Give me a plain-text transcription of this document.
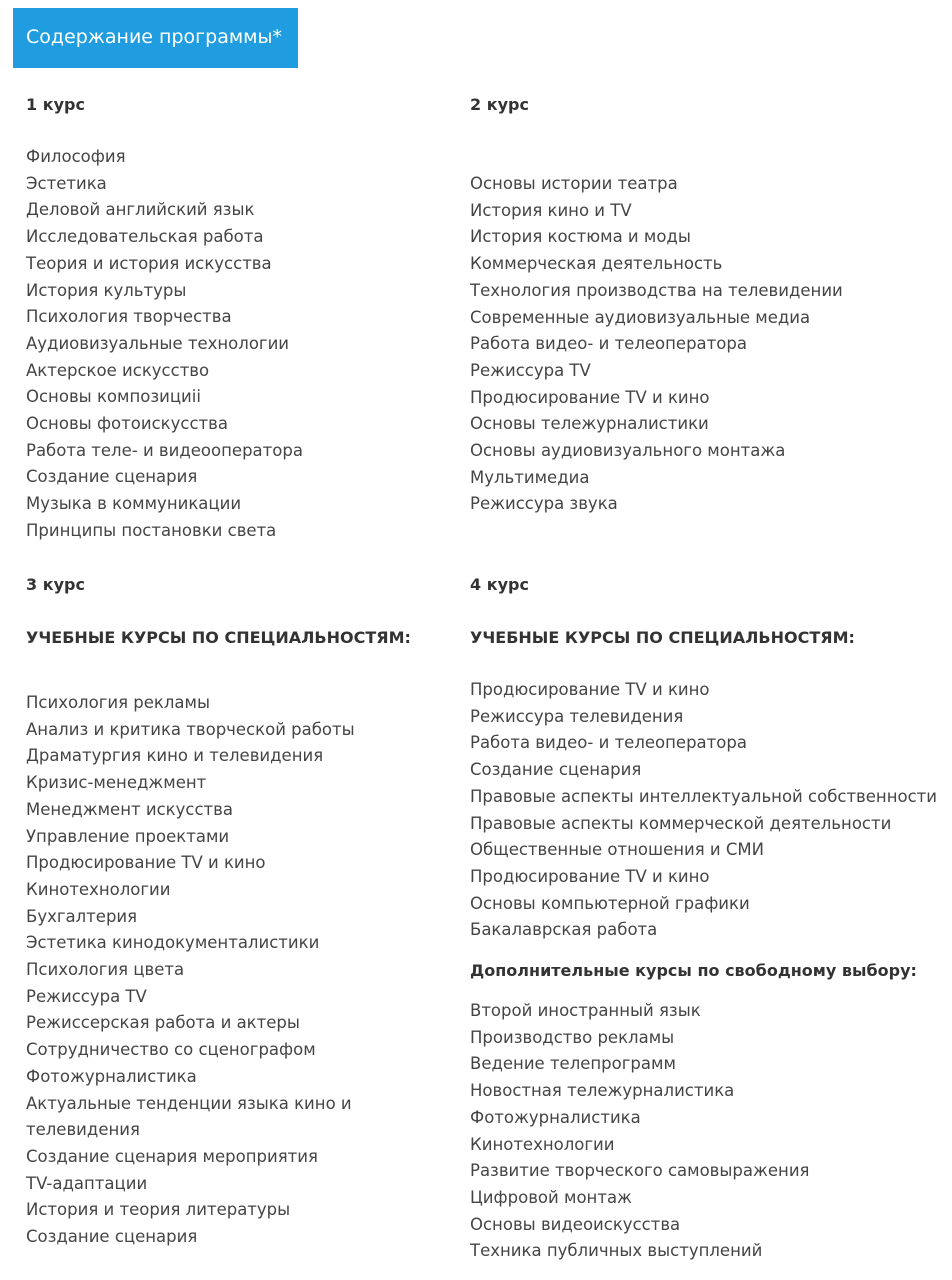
Содержание программы*
1 курс
Философия
Эстетика
Деловой английский язык
Исследовательская работа
Теория и история искусства
История культуры
Психология творчества
Аудиовизуальные технологии
Актерское искусство
Основы композициіі
Основы фотоискусства
Работа теле- и видеооператора
Создание сценария
Музыка в коммуникации
Принципы постановки света
2 курс
Основы истории театра
История кино и TV
История костюма и моды
Коммерческая деятельность
Технология производства на телевидении
Современные аудиовизуальные медиа
Работа видео- и телеоператора
Режиссура TV
Продюсирование TV и кино
Основы тележурналистики
Основы аудиовизуального монтажа
Мультимедиа
Режиссура звука
3 курс
УЧЕБНЫЕ КУРСЫ ПО СПЕЦИАЛЬНОСТЯМ:
Психология рекламы
Анализ и критика творческой работы
Драматургия кино и телевидения
Кризис-менеджмент
Менеджмент искусства
Управление проектами
Продюсирование TV и кино
Кинотехнологии
Бухгалтерия
Эстетика кинодокументалистики
Психология цвета
Режиссура TV
Режиссерская работа и актеры
Сотрудничество со сценографом
Фотожурналистика
Актуальные тенденции языка кино и телевидения
Создание сценария мероприятия
TV-адаптации
История и теория литературы
Создание сценария
4 курс
УЧЕБНЫЕ КУРСЫ ПО СПЕЦИАЛЬНОСТЯМ:
Продюсирование TV и кино
Режиссура телевидения
Работа видео- и телеоператора
Создание сценария
Правовые аспекты интеллектуальной собственности
Правовые аспекты коммерческой деятельности
Общественные отношения и СМИ
Продюсирование TV и кино
Основы компьютерной графики
Бакалаврская работа
Дополнительные курсы по свободному выбору:
Второй иностранный язык
Производство рекламы
Ведение телепрограмм
Новостная тележурналистика
Фотожурналистика
Кинотехнологии
Развитие творческого самовыражения
Цифровой монтаж
Основы видеоискусства
Техника публичных выступлений
